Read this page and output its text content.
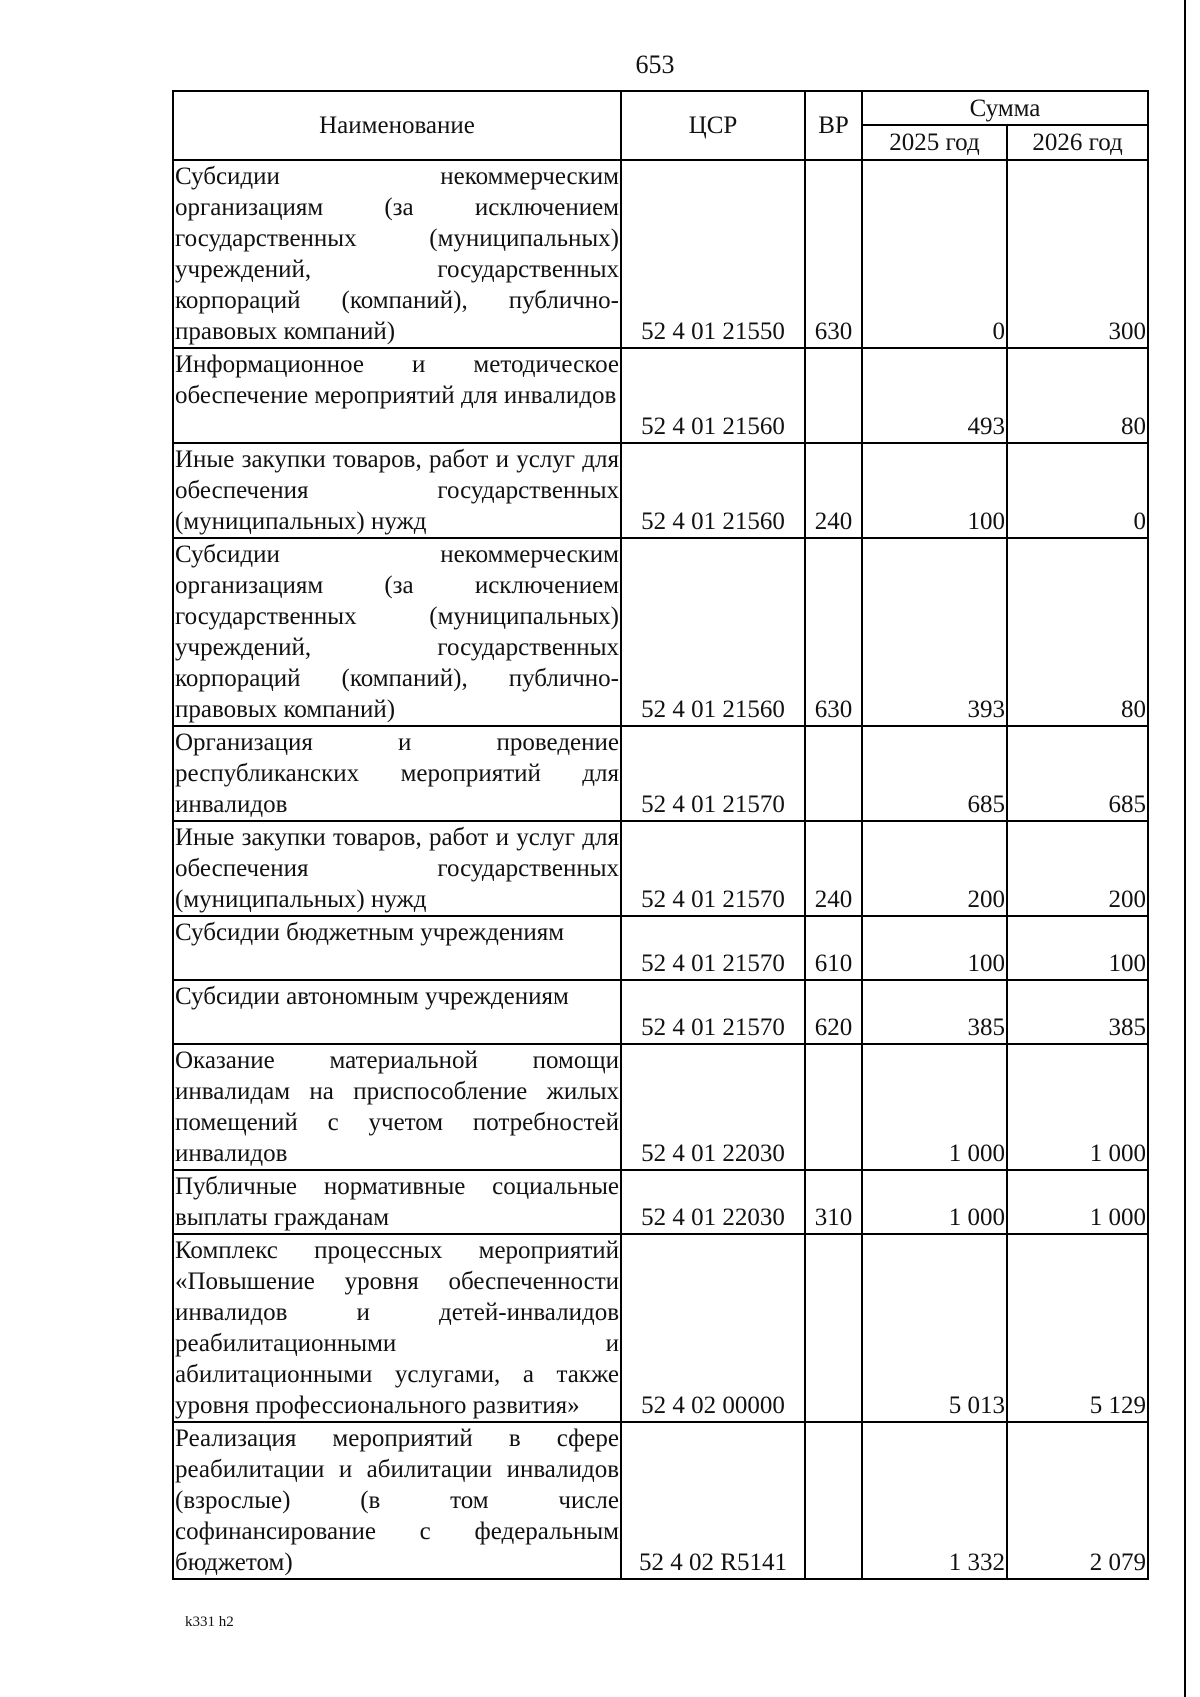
653
Наименование	ЦСР	ВР	Сумма	
			2025 год	2026 год
Субсидии некоммерческим организациям (за исключением государственных (муниципальных) учреждений, государственных корпораций (компаний), публично-правовых компаний)	52 4 01 21550	630	0	300
Информационное и методическое обеспечение мероприятий для инвалидов	52 4 01 21560		493	80
Иные закупки товаров, работ и услуг для обеспечения государственных (муниципальных) нужд	52 4 01 21560	240	100	0
Субсидии некоммерческим организациям (за исключением государственных (муниципальных) учреждений, государственных корпораций (компаний), публично-правовых компаний)	52 4 01 21560	630	393	80
Организация и проведение республиканских мероприятий для инвалидов	52 4 01 21570		685	685
Иные закупки товаров, работ и услуг для обеспечения государственных (муниципальных) нужд	52 4 01 21570	240	200	200
Субсидии бюджетным учреждениям	52 4 01 21570	610	100	100
Субсидии автономным учреждениям	52 4 01 21570	620	385	385
Оказание материальной помощи инвалидам на приспособление жилых помещений с учетом потребностей инвалидов	52 4 01 22030		1 000	1 000
Публичные нормативные социальные выплаты гражданам	52 4 01 22030	310	1 000	1 000
Комплекс процессных мероприятий «Повышение уровня обеспеченности инвалидов и детей-инвалидов реабилитационными и абилитационными услугами, а также уровня профессионального развития»	52 4 02 00000		5 013	5 129
Реализация мероприятий в сфере реабилитации и абилитации инвалидов (взрослые) (в том числе софинансирование с федеральным бюджетом)	52 4 02 R5141		1 332	2 079
k331 h2
